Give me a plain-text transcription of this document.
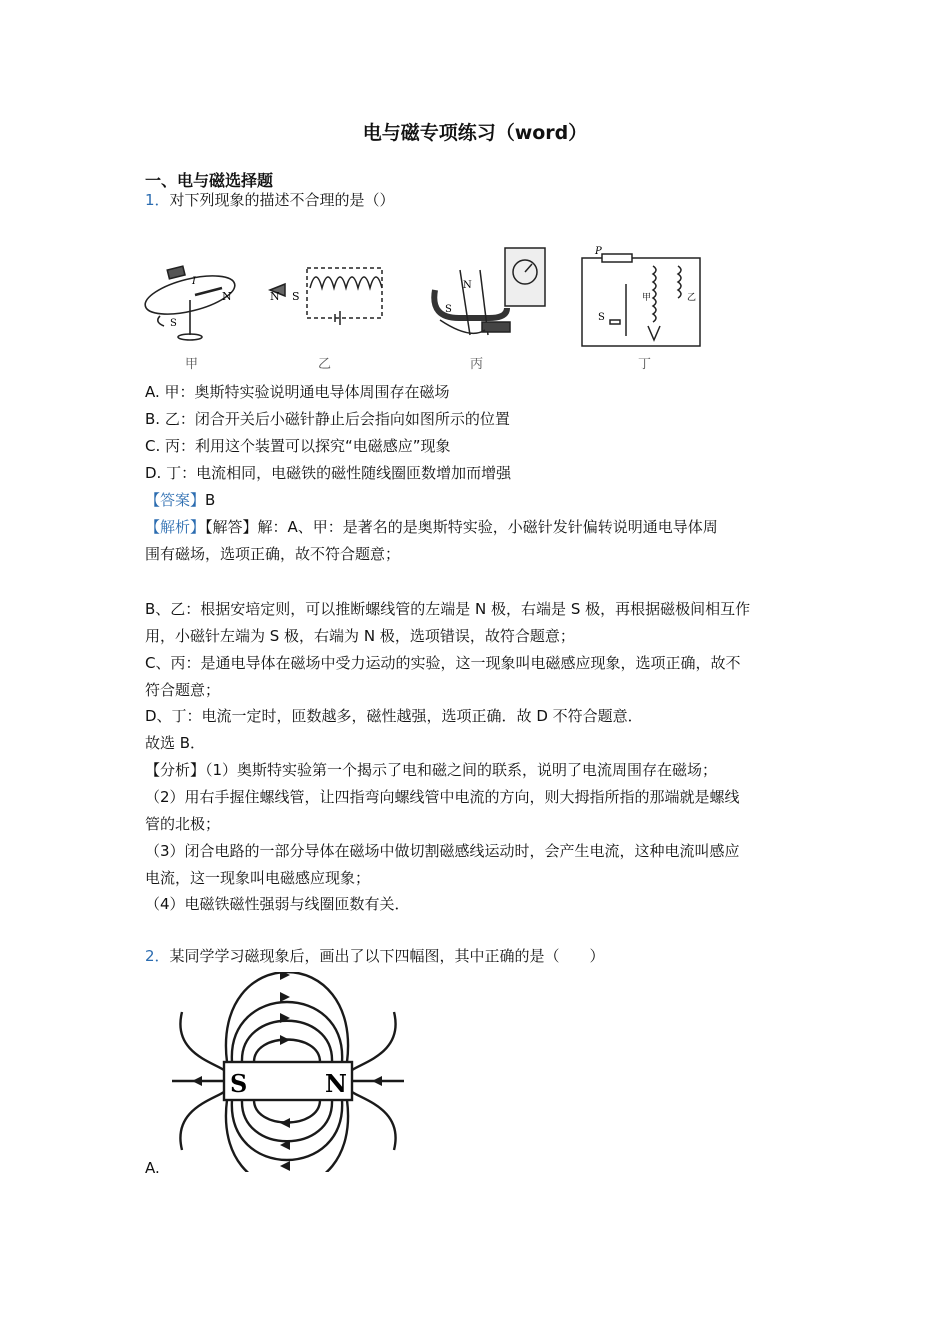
电与磁专项练习（word）
一、电与磁选择题
1．对下列现象的描述不合理的是（）
N
S
I
N S
N
S
P
S
甲	乙
甲	乙	丙	丁
A. 甲：奥斯特实验说明通电导体周围存在磁场
B. 乙：闭合开关后小磁针静止后会指向如图所示的位置
C. 丙：利用这个装置可以探究“电磁感应”现象
D. 丁：电流相同，电磁铁的磁性随线圈匝数增加而增强
【答案】B
【解析】【解答】解：A、甲：是著名的是奥斯特实验，小磁针发针偏转说明通电导体周
围有磁场，选项正确，故不符合题意；
B、乙：根据安培定则，可以推断螺线管的左端是 N 极，右端是 S 极，再根据磁极间相互作
用，小磁针左端为 S 极，右端为 N 极，选项错误，故符合题意；
C、丙：是通电导体在磁场中受力运动的实验，这一现象叫电磁感应现象，选项正确，故不
符合题意；
D、丁：电流一定时，匝数越多，磁性越强，选项正确．故 D 不符合题意．
故选 B．
【分析】（1）奥斯特实验第一个揭示了电和磁之间的联系，说明了电流周围存在磁场；
（2）用右手握住螺线管，让四指弯向螺线管中电流的方向，则大拇指所指的那端就是螺线
管的北极；
（3）闭合电路的一部分导体在磁场中做切割磁感线运动时，会产生电流，这种电流叫感应
电流，这一现象叫电磁感应现象；
（4）电磁铁磁性强弱与线圈匝数有关．
2．某同学学习磁现象后，画出了以下四幅图，其中正确的是（　　）
S	N
A.
